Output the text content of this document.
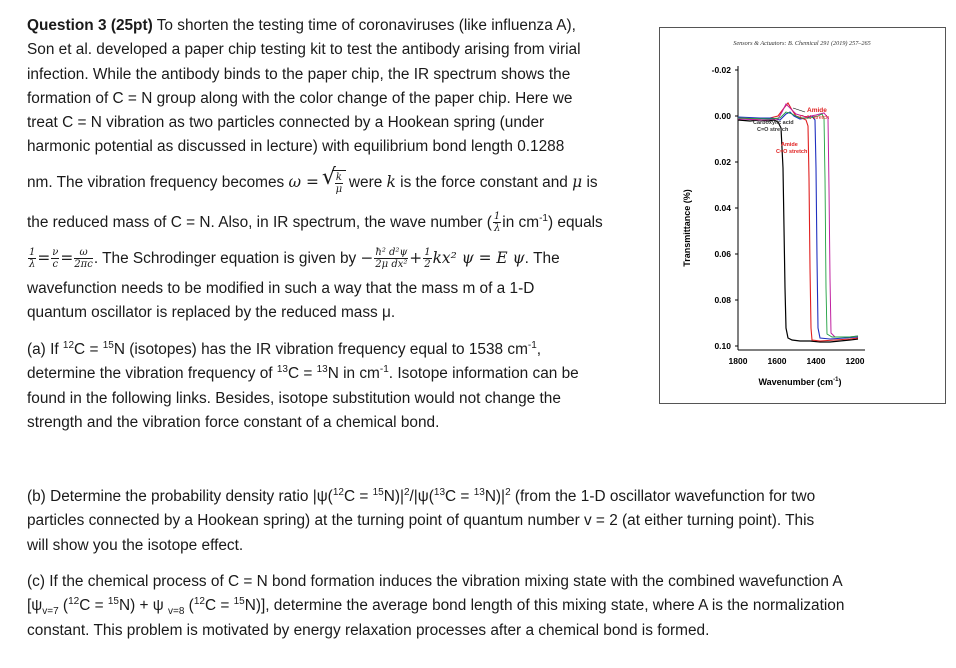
Question 3 (25pt) To shorten the testing time of coronaviruses (like influenza A),
Son et al. developed a paper chip testing kit to test the antibody arising from virial
infection. While the antibody binds to the paper chip, the IR spectrum shows the
formation of C = N group along with the color change of the paper chip. Here we
treat C = N vibration as two particles connected by a Hookean spring (under
harmonic potential as discussed in lecture) with equilibrium bond length 0.1288
nm. The vibration frequency becomes ω = √
$\frac{k}{\mu}$ were k is the force constant and μ is
the reduced mass of C = N. Also, in IR spectrum, the wave number ( $\frac{1}{\lambda}$ in $cm^{-1}$) equals
$\frac{1}{\lambda} = \frac{\nu}{c} = \frac{\omega}{2\pi c}$ . The Schrodinger equation is given by − $\frac{\text{ħ² d²ψ}}{\text{2μ dx²}} + \frac{1}{2} kx^2$ ψ = E ψ. The
wavefunction needs to be modified in such a way that the mass m of a 1-D
quantum oscillator is replaced by the reduced mass μ.
(a) If $^{12}$C = $^{15}$N (isotopes) has the IR vibration frequency equal to 1538 $cm^{-1}$,
determine the vibration frequency of $^{13}$C = $^{13}$N in $cm^{-1}$. Isotope information can be
found in the following links. Besides, isotope substitution would not change the
strength and the vibration force constant of a chemical bond.
(b) Determine the probability density ratio $|\psi(^{12}C = ^{15}N)|^2/|\psi(^{13}C = ^{13}N)|^2$ (from the 1-D oscillator wavefunction for two
particles connected by a Hookean spring) at the turning point of quantum number v = 2 (at either turning point). This
will show you the isotope effect.
(c) If the chemical process of C = N bond formation induces the vibration mixing state with the combined wavefunction A
[$\psi_{v=7}$ ($^{12}$C = $^{15}$N) + ψ $_{v=8}$ ($^{12}$C = $^{15}$N)], determine the average bond length of this mixing state, where A is the normalization
constant. This problem is motivated by energy relaxation processes after a chemical bond is formed.
Sensors & Actuators: B. Chemical 291 (2019) 257–265
Transmittance (%)
-0.02
0.00
0.02
0.04
0.06
0.08
0.10
1800 1600 1400 1200
Wavenumber $(cm^{-1})$
Amide
C=N stretch
Carboxylic acid
C=O stretch
Amide
C=O stretch
